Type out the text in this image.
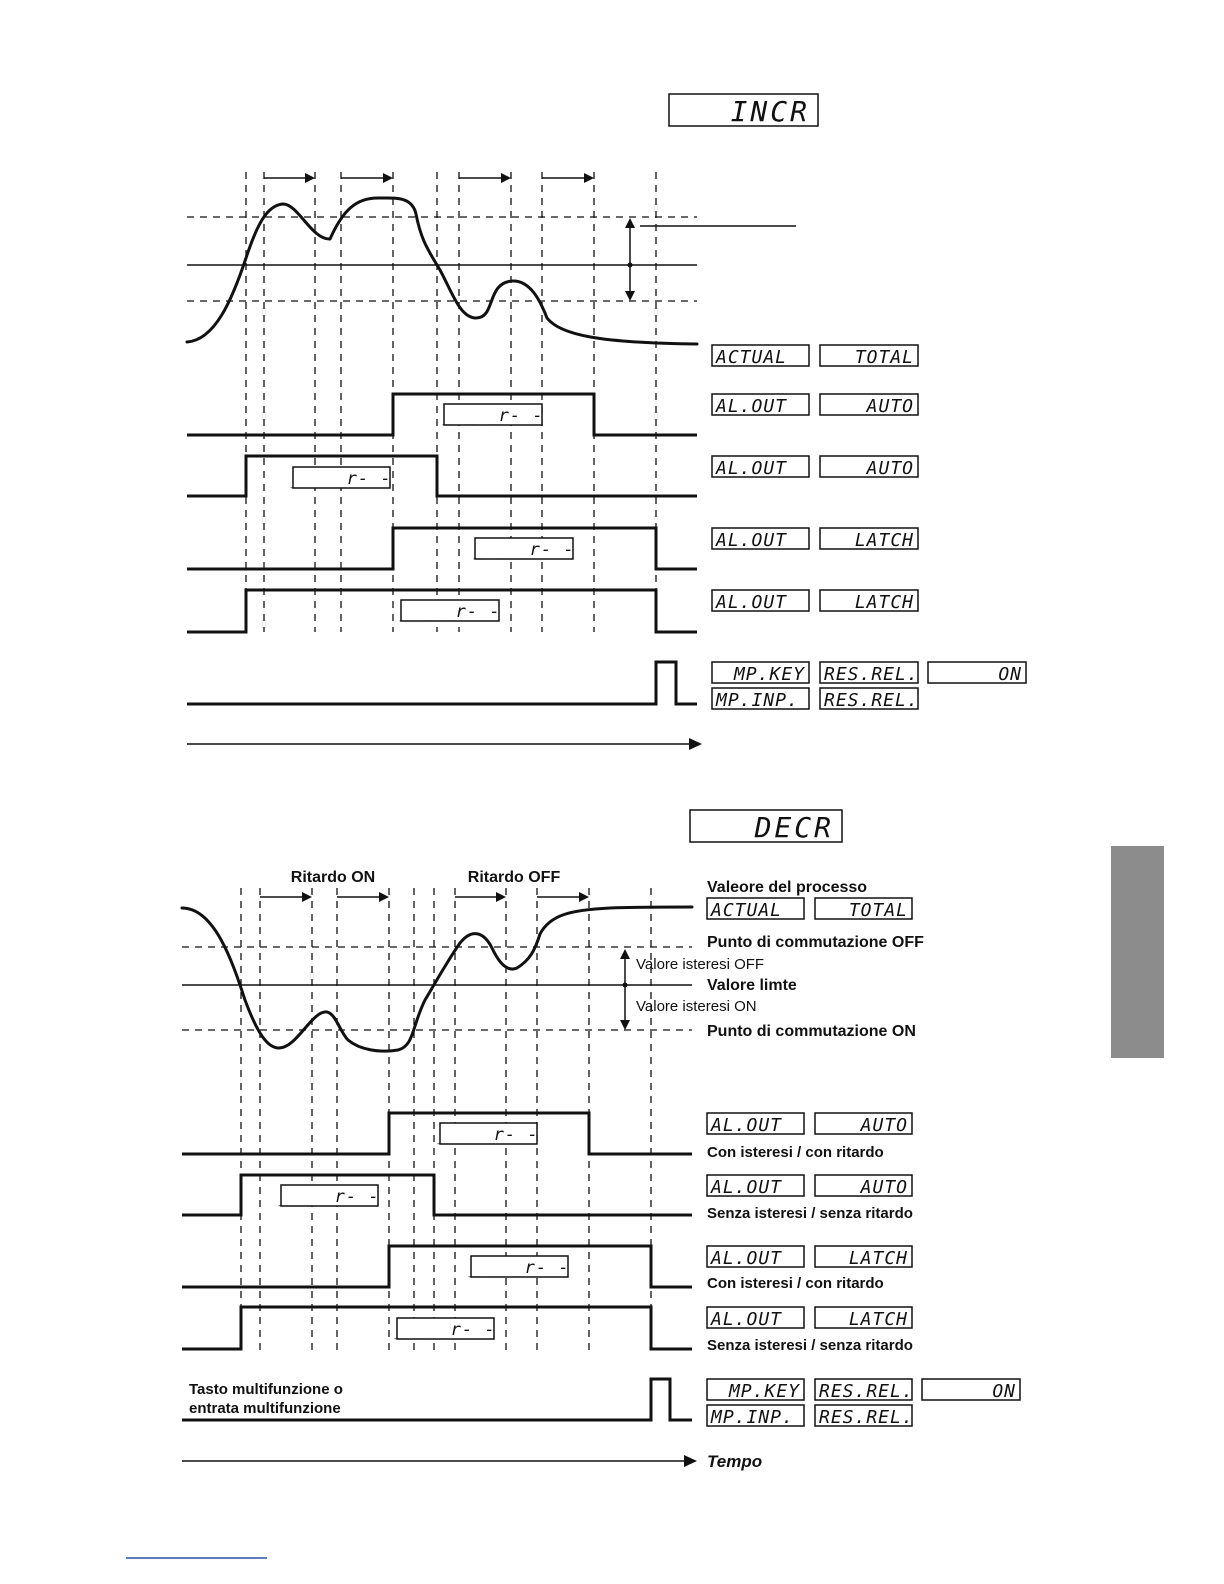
INCR
_ _ _r- -
_ _ _r- -
_ _ _r- -
_ _ _r- -
ACTUAL	TOTAL
AL.OUT	AUTO
AL.OUT	AUTO
AL.OUT	LATCH
AL.OUT	LATCH
MP.KEY RES.REL.	ON
MP.INP. RES.REL.
DECR
Ritardo ON	Ritardo OFF
_ _ _r- -
_ _ _r- -
_ _ _r- -
_ _ _r- -
Tasto multifunzione o
entrata multifunzione
Tempo
Valeore del processo
ACTUAL	TOTAL
Punto di commutazione OFF
Valore isteresi OFF
Valore limte
Valore isteresi ON
Punto di commutazione ON
AL.OUT	AUTO
Con isteresi / con ritardo
AL.OUT	AUTO
Senza isteresi / senza ritardo
AL.OUT	LATCH
Con isteresi / con ritardo
AL.OUT	LATCH
Senza isteresi / senza ritardo
MP.KEY RES.REL.	ON
MP.INP. RES.REL.
